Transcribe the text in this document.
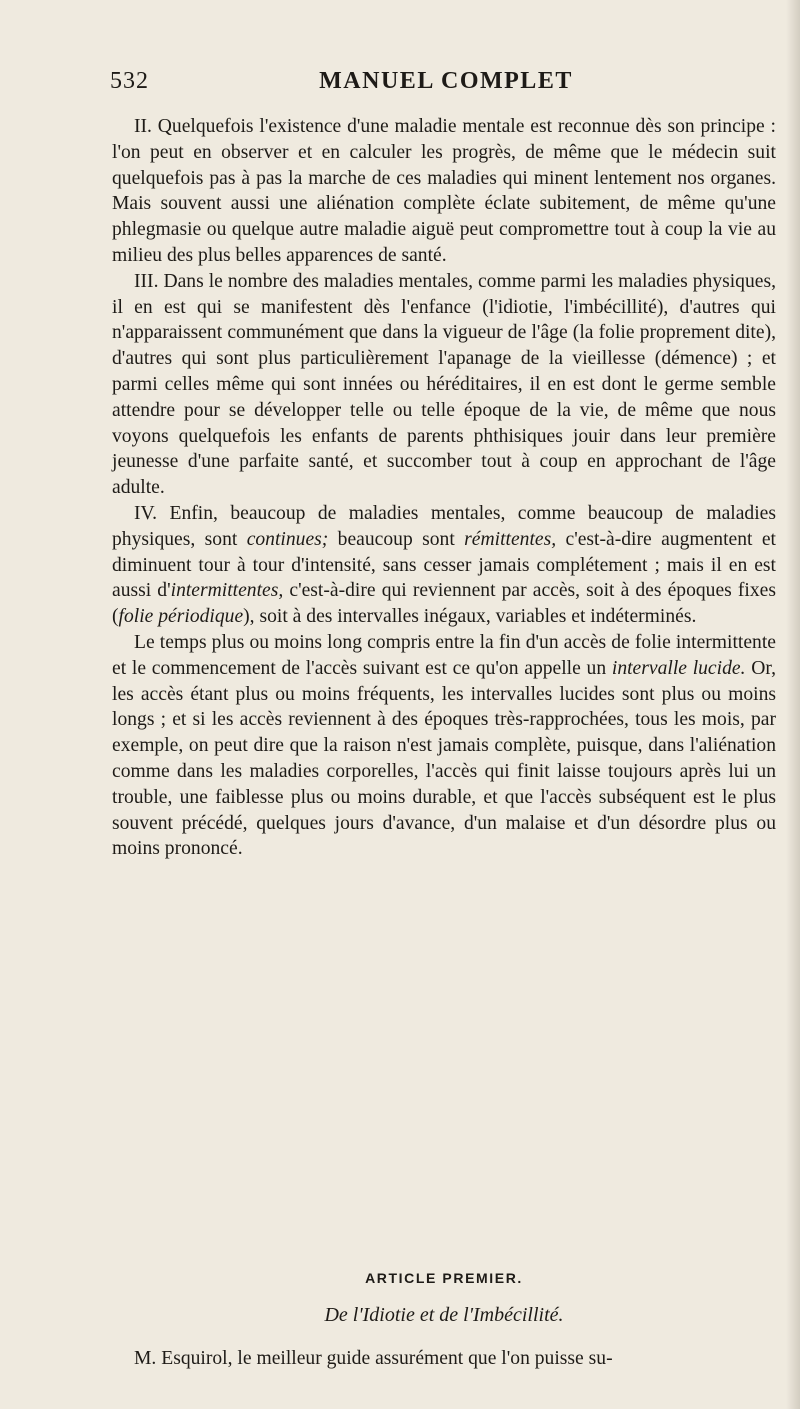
532	MANUEL COMPLET

II. Quelquefois l'existence d'une maladie mentale est reconnue dès son principe : l'on peut en observer et en calculer les progrès, de même que le médecin suit quelquefois pas à pas la marche de ces maladies qui minent lentement nos organes. Mais souvent aussi une aliénation complète éclate subitement, de même qu'une phlegmasie ou quelque autre maladie aiguë peut compromettre tout à coup la vie au milieu des plus belles apparences de santé.

III. Dans le nombre des maladies mentales, comme parmi les maladies physiques, il en est qui se manifestent dès l'enfance (l'idiotie, l'imbécillité), d'autres qui n'apparaissent communément que dans la vigueur de l'âge (la folie proprement dite), d'autres qui sont plus particulièrement l'apanage de la vieillesse (démence) ; et parmi celles même qui sont innées ou héréditaires, il en est dont le germe semble attendre pour se développer telle ou telle époque de la vie, de même que nous voyons quelquefois les enfants de parents phthisiques jouir dans leur première jeunesse d'une parfaite santé, et succomber tout à coup en approchant de l'âge adulte.

IV. Enfin, beaucoup de maladies mentales, comme beaucoup de maladies physiques, sont continues; beaucoup sont rémittentes, c'est-à-dire augmentent et diminuent tour à tour d'intensité, sans cesser jamais complétement ; mais il en est aussi d'intermittentes, c'est-à-dire qui reviennent par accès, soit à des époques fixes (folie périodique), soit à des intervalles inégaux, variables et indéterminés.

Le temps plus ou moins long compris entre la fin d'un accès de folie intermittente et le commencement de l'accès suivant est ce qu'on appelle un intervalle lucide. Or, les accès étant plus ou moins fréquents, les intervalles lucides sont plus ou moins longs ; et si les accès reviennent à des époques très-rapprochées, tous les mois, par exemple, on peut dire que la raison n'est jamais complète, puisque, dans l'aliénation comme dans les maladies corporelles, l'accès qui finit laisse toujours après lui un trouble, une faiblesse plus ou moins durable, et que l'accès subséquent est le plus souvent précédé, quelques jours d'avance, d'un malaise et d'un désordre plus ou moins prononcé.

ARTICLE PREMIER.
De l'Idiotie et de l'Imbécillité.
M. Esquirol, le meilleur guide assurément que l'on puisse su-
